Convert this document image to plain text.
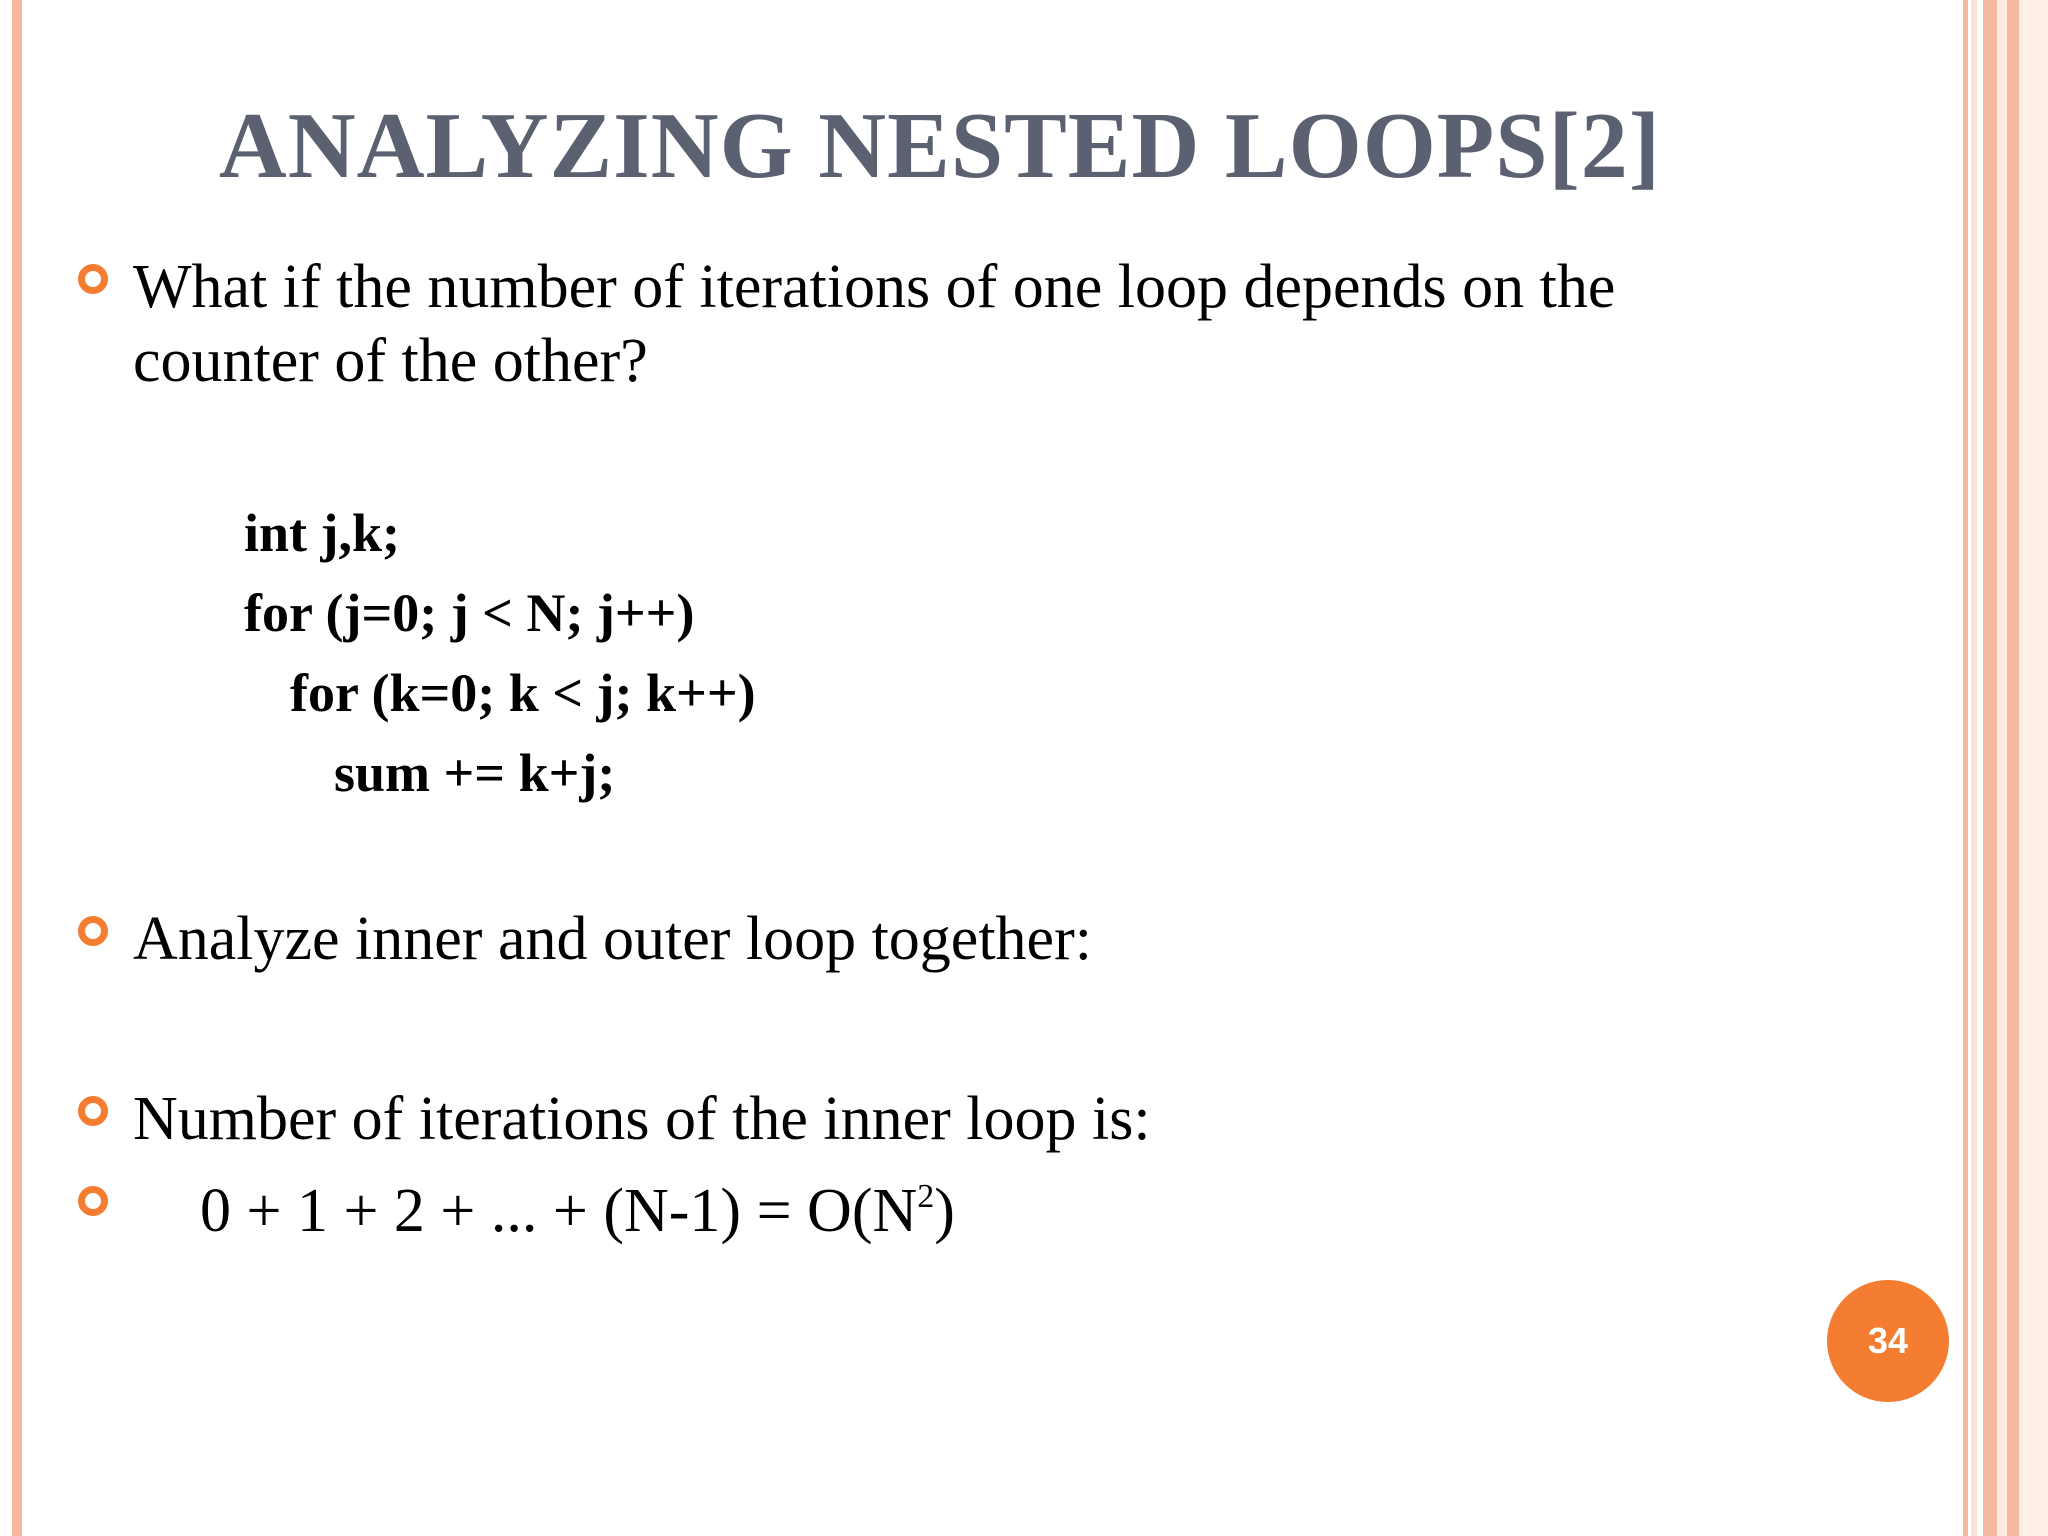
ANALYZING NESTED LOOPS[2]
What if the number of iterations of one loop depends on the
counter of the other?
int j,k;
for (j=0; j < N; j++)
for (k=0; k < j; k++)
sum += k+j;
Analyze inner and outer loop together:
Number of iterations of the inner loop is:
0 + 1 + 2 + ... + $(N-1) = O(N^2)$
34
